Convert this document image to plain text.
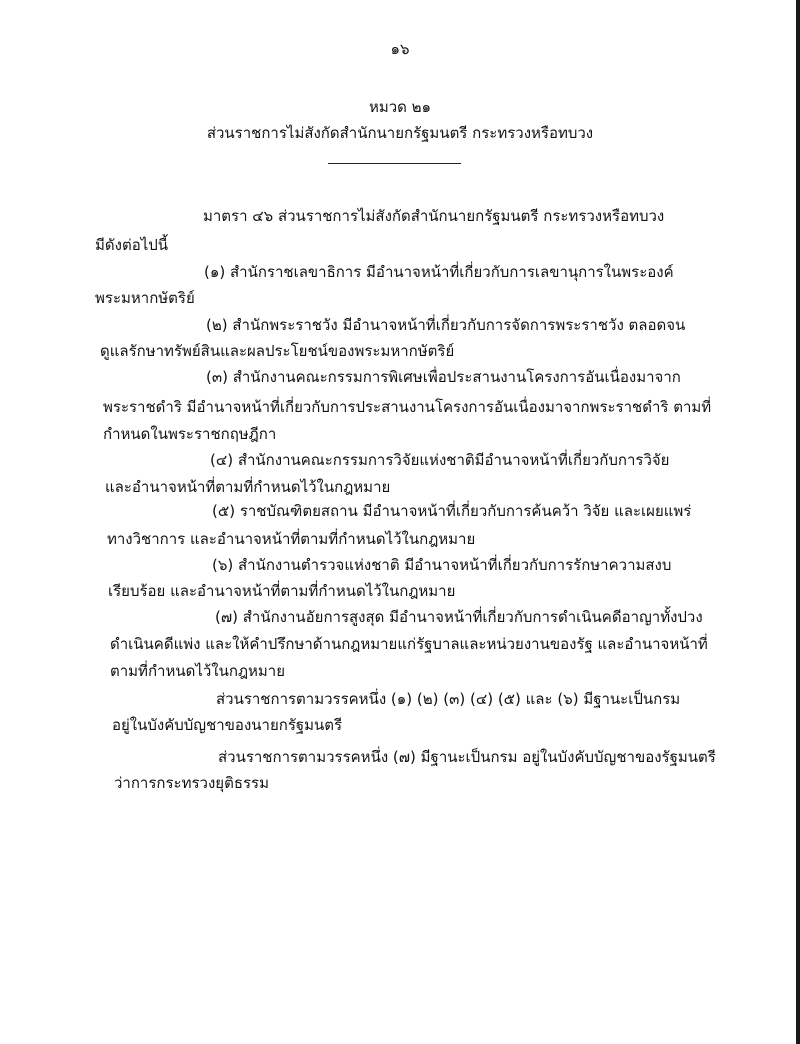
๑๖
หมวด ๒๑
ส่วนราชการไม่สังกัดสำนักนายกรัฐมนตรี กระทรวงหรือทบวง
มาตรา ๔๖ ส่วนราชการไม่สังกัดสำนักนายกรัฐมนตรี กระทรวงหรือทบวง
มีดังต่อไปนี้
(๑) สำนักราชเลขาธิการ มีอำนาจหน้าที่เกี่ยวกับการเลขานุการในพระองค์
พระมหากษัตริย์
(๒) สำนักพระราชวัง มีอำนาจหน้าที่เกี่ยวกับการจัดการพระราชวัง ตลอดจน
ดูแลรักษาทรัพย์สินและผลประโยชน์ของพระมหากษัตริย์
(๓) สำนักงานคณะกรรมการพิเศษเพื่อประสานงานโครงการอันเนื่องมาจาก
พระราชดำริ มีอำนาจหน้าที่เกี่ยวกับการประสานงานโครงการอันเนื่องมาจากพระราชดำริ ตามที่
กำหนดในพระราชกฤษฎีกา
(๔) สำนักงานคณะกรรมการวิจัยแห่งชาติมีอำนาจหน้าที่เกี่ยวกับการวิจัย
และอำนาจหน้าที่ตามที่กำหนดไว้ในกฎหมาย
(๕) ราชบัณฑิตยสถาน มีอำนาจหน้าที่เกี่ยวกับการค้นคว้า วิจัย และเผยแพร่
ทางวิชาการ และอำนาจหน้าที่ตามที่กำหนดไว้ในกฎหมาย
(๖) สำนักงานตำรวจแห่งชาติ มีอำนาจหน้าที่เกี่ยวกับการรักษาความสงบ
เรียบร้อย และอำนาจหน้าที่ตามที่กำหนดไว้ในกฎหมาย
(๗) สำนักงานอัยการสูงสุด มีอำนาจหน้าที่เกี่ยวกับการดำเนินคดีอาญาทั้งปวง
ดำเนินคดีแพ่ง และให้คำปรึกษาด้านกฎหมายแก่รัฐบาลและหน่วยงานของรัฐ และอำนาจหน้าที่
ตามที่กำหนดไว้ในกฎหมาย
ส่วนราชการตามวรรคหนึ่ง (๑) (๒) (๓) (๔) (๕) และ (๖) มีฐานะเป็นกรม
อยู่ในบังคับบัญชาของนายกรัฐมนตรี
ส่วนราชการตามวรรคหนึ่ง (๗) มีฐานะเป็นกรม อยู่ในบังคับบัญชาของรัฐมนตรี
ว่าการกระทรวงยุติธรรม
